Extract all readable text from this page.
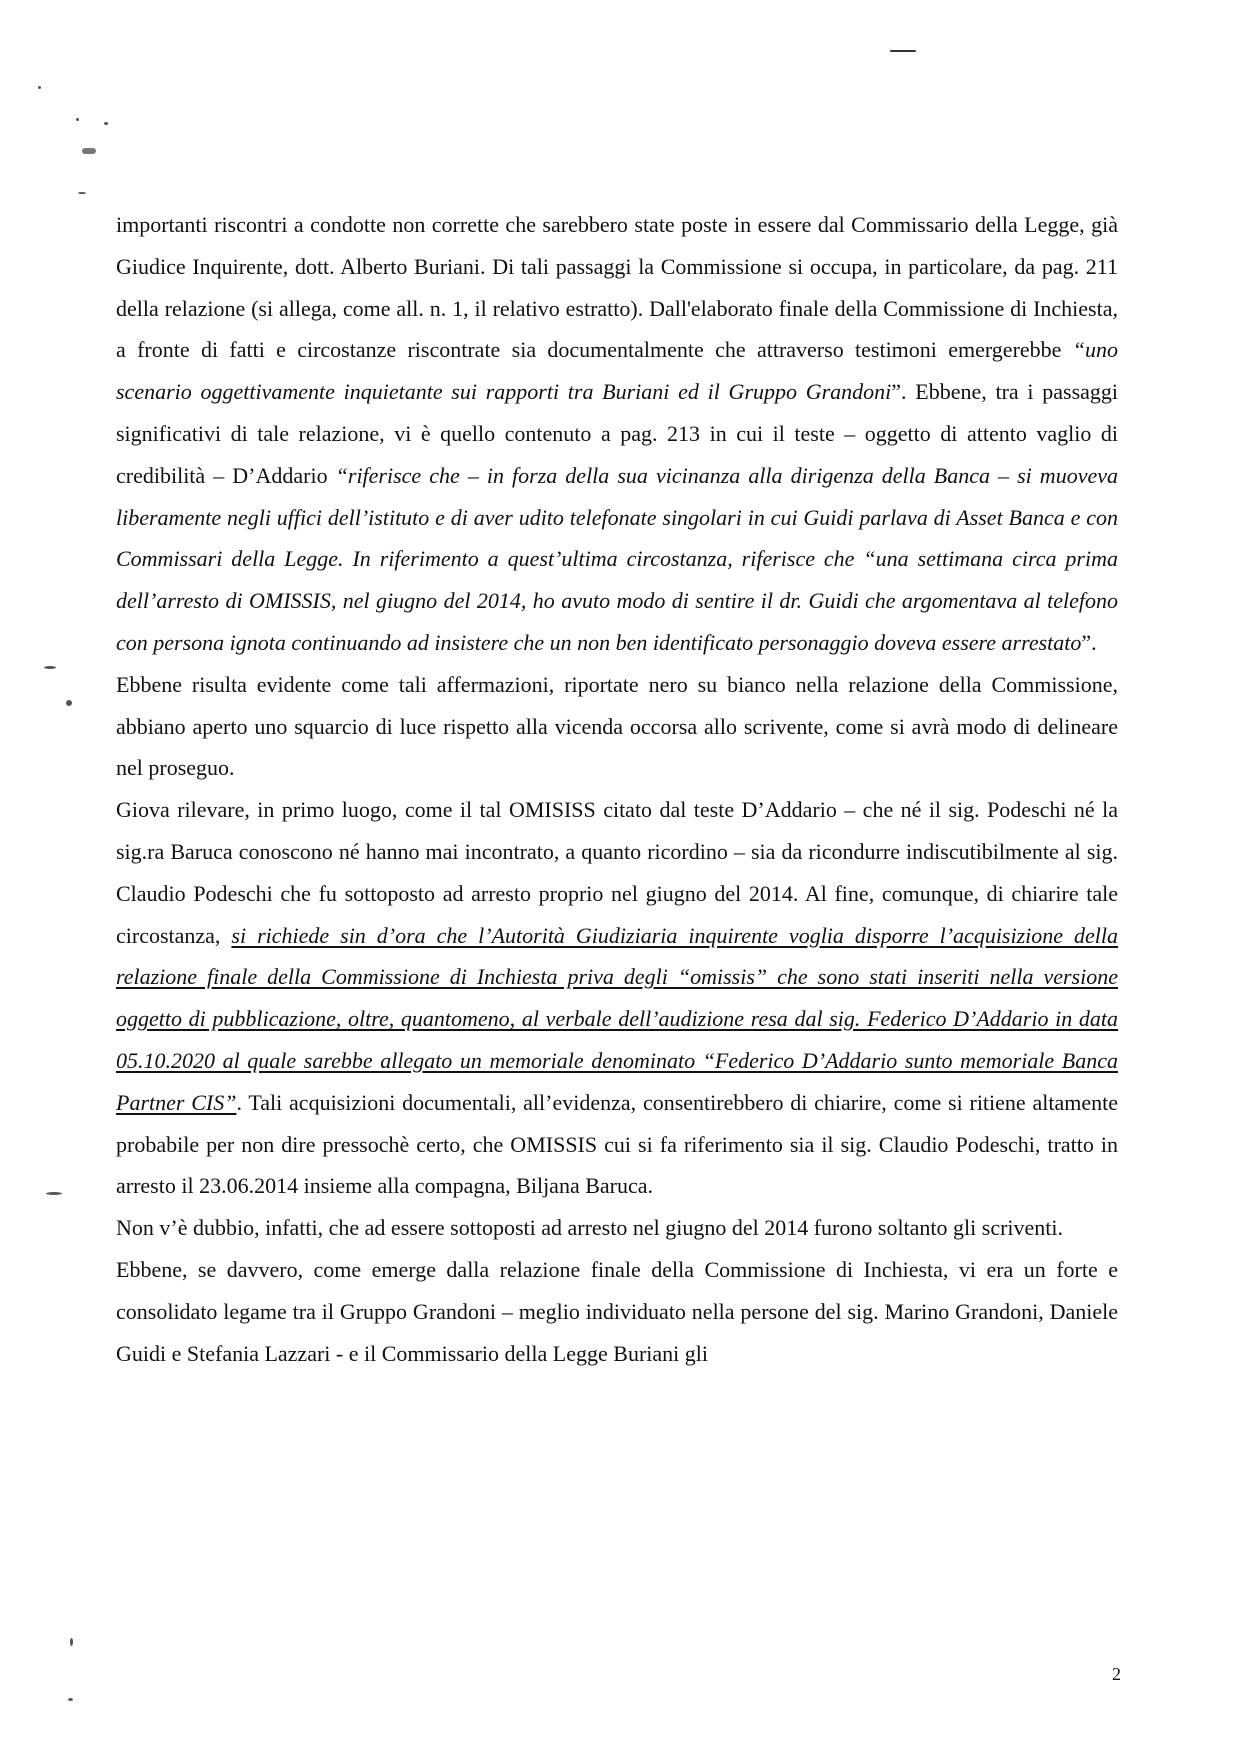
importanti riscontri a condotte non corrette che sarebbero state poste in essere dal Commissario della Legge, già Giudice Inquirente, dott. Alberto Buriani. Di tali passaggi la Commissione si occupa, in particolare, da pag. 211 della relazione (si allega, come all. n. 1, il relativo estratto). Dall'elaborato finale della Commissione di Inchiesta, a fronte di fatti e circostanze riscontrate sia documentalmente che attraverso testimoni emergerebbe “uno scenario oggettivamente inquietante sui rapporti tra Buriani ed il Gruppo Grandoni”. Ebbene, tra i passaggi significativi di tale relazione, vi è quello contenuto a pag. 213 in cui il teste – oggetto di attento vaglio di credibilità – D’Addario “riferisce che – in forza della sua vicinanza alla dirigenza della Banca – si muoveva liberamente negli uffici dell’istituto e di aver udito telefonate singolari in cui Guidi parlava di Asset Banca e con Commissari della Legge. In riferimento a quest’ultima circostanza, riferisce che “una settimana circa prima dell’arresto di OMISSIS, nel giugno del 2014, ho avuto modo di sentire il dr. Guidi che argomentava al telefono con persona ignota continuando ad insistere che un non ben identificato personaggio doveva essere arrestato”.

Ebbene risulta evidente come tali affermazioni, riportate nero su bianco nella relazione della Commissione, abbiano aperto uno squarcio di luce rispetto alla vicenda occorsa allo scrivente, come si avrà modo di delineare nel proseguo.

Giova rilevare, in primo luogo, come il tal OMISISS citato dal teste D’Addario – che né il sig. Podeschi né la sig.ra Baruca conoscono né hanno mai incontrato, a quanto ricordino – sia da ricondurre indiscutibilmente al sig. Claudio Podeschi che fu sottoposto ad arresto proprio nel giugno del 2014. Al fine, comunque, di chiarire tale circostanza, si richiede sin d’ora che l’Autorità Giudiziaria inquirente voglia disporre l’acquisizione della relazione finale della Commissione di Inchiesta priva degli “omissis” che sono stati inseriti nella versione oggetto di pubblicazione, oltre, quantomeno, al verbale dell’audizione resa dal sig. Federico D’Addario in data 05.10.2020 al quale sarebbe allegato un memoriale denominato “Federico D’Addario sunto memoriale Banca Partner CIS”. Tali acquisizioni documentali, all’evidenza, consentirebbero di chiarire, come si ritiene altamente probabile per non dire pressochè certo, che OMISSIS cui si fa riferimento sia il sig. Claudio Podeschi, tratto in arresto il 23.06.2014 insieme alla compagna, Biljana Baruca.

Non v’è dubbio, infatti, che ad essere sottoposti ad arresto nel giugno del 2014 furono soltanto gli scriventi.

Ebbene, se davvero, come emerge dalla relazione finale della Commissione di Inchiesta, vi era un forte e consolidato legame tra il Gruppo Grandoni – meglio individuato nella persone del sig. Marino Grandoni, Daniele Guidi e Stefania Lazzari - e il Commissario della Legge Buriani gli

2
